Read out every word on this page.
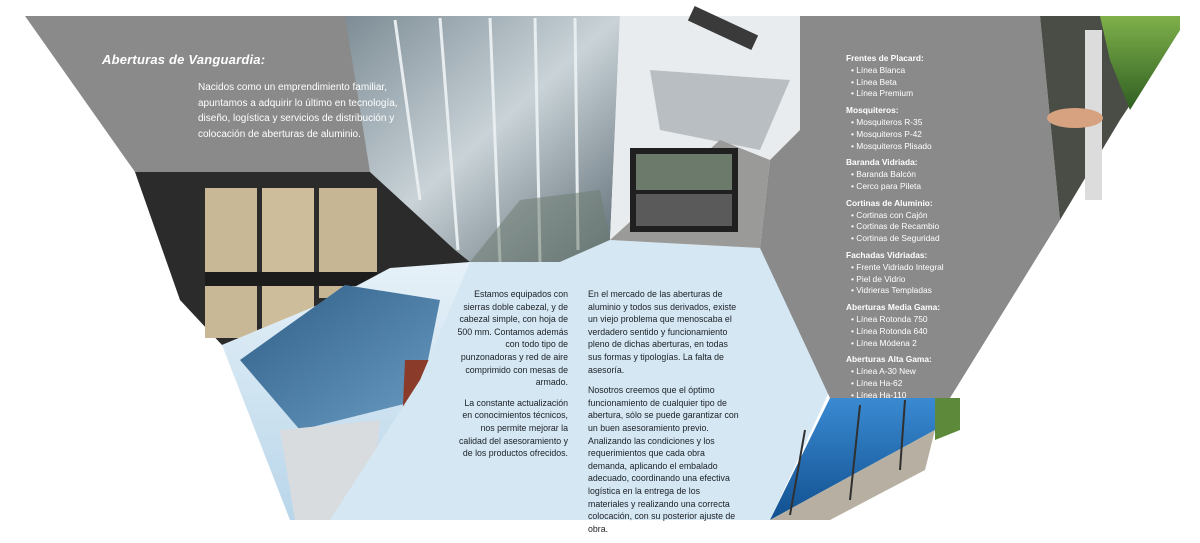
Aberturas de Vanguardia:
Nacidos como un emprendimiento familiar, apuntamos a adquirir lo último en tecnología, diseño, logística y servicios de distribución y colocación de aberturas de aluminio.

Estamos equipados con sierras doble cabezal, y de cabezal simple, con hoja de 500 mm. Contamos además con todo tipo de punzonadoras y red de aire comprimido con mesas de armado.

La constante actualización en conocimientos técnicos, nos permite mejorar la calidad del asesoramiento y de los productos ofrecidos.

En el mercado de las aberturas de aluminio y todos sus derivados, existe un viejo problema que menoscaba el verdadero sentido y funcionamiento pleno de dichas aberturas, en todas sus formas y tipologías. La falta de asesoría.

Nosotros creemos que el óptimo funcionamiento de cualquier tipo de abertura, sólo se puede garantizar con un buen asesoramiento previo. Analizando las condiciones y los requerimientos que cada obra demanda, aplicando el embalado adecuado, coordinando una efectiva logística en la entrega de los materiales y realizando una correcta colocación, con su posterior ajuste de obra.

Frentes de Placard:
• Línea Blanca
• Línea Beta
• Línea Premium
Mosquiteros:
• Mosquiteros R-35
• Mosquiteros P-42
• Mosquiteros Plisado
Baranda Vidriada:
• Baranda Balcón
• Cerco para Pileta
Cortinas de Aluminio:
• Cortinas con Cajón
• Cortinas de Recambio
• Cortinas de Seguridad
Fachadas Vidriadas:
• Frente Vidriado Integral
• Piel de Vidrio
• Vidrieras Templadas
Aberturas Media Gama:
• Línea Rotonda 750
• Línea Rotonda 640
• Línea Módena 2
Aberturas Alta Gama:
• Línea A-30 New
• Línea Ha-62
• Línea Ha-110
